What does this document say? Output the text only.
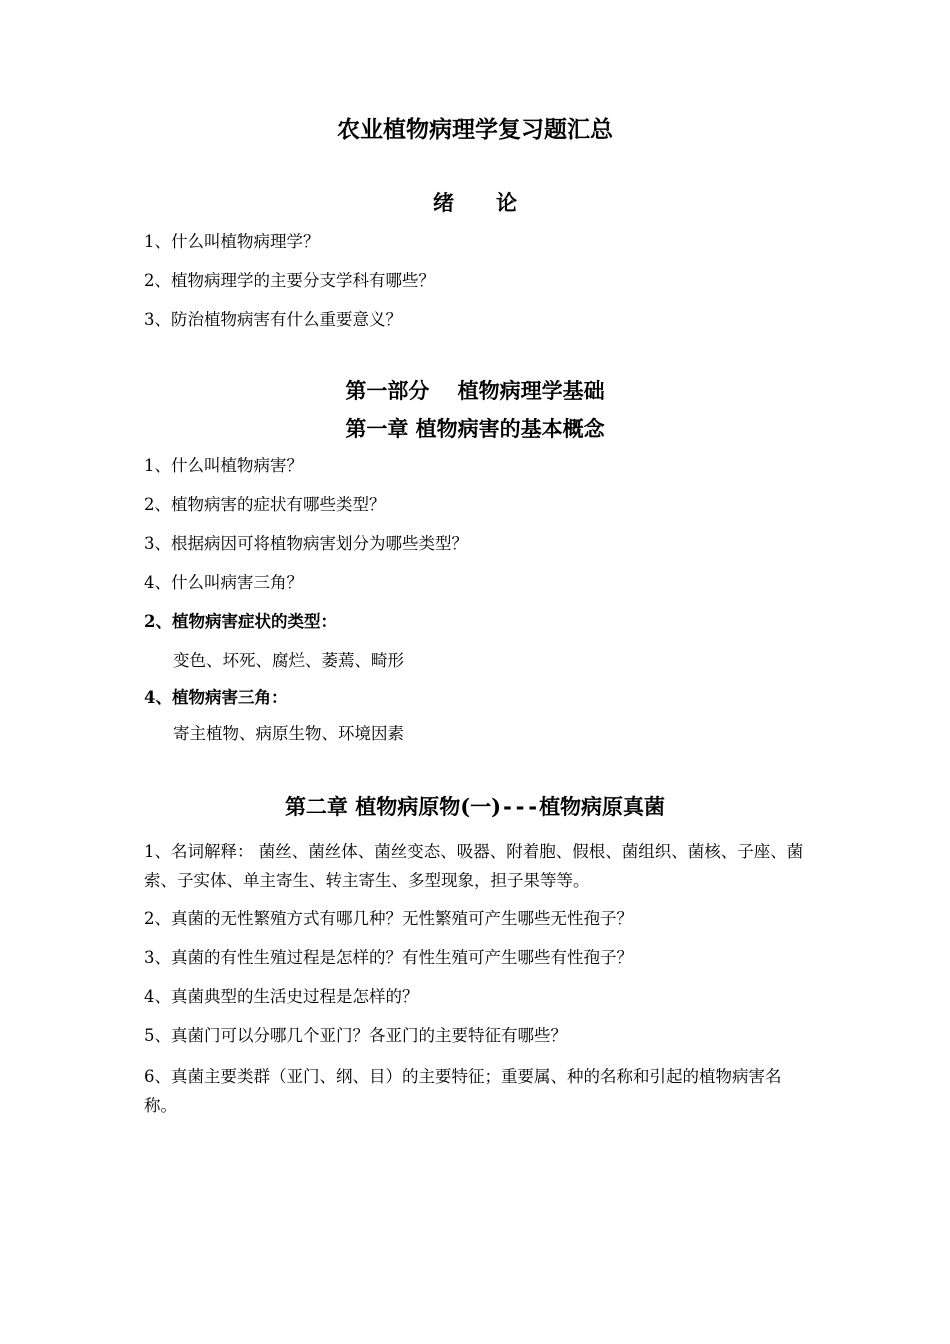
农业植物病理学复习题汇总
绪　　论
1、什么叫植物病理学？
2、植物病理学的主要分支学科有哪些？
3、防治植物病害有什么重要意义？
第一部分　 植物病理学基础
第一章 植物病害的基本概念
1、什么叫植物病害？
2、植物病害的症状有哪些类型？
3、根据病因可将植物病害划分为哪些类型？
4、什么叫病害三角？
2、植物病害症状的类型：
变色、坏死、腐烂、萎蔫、畸形
4、植物病害三角：
寄主植物、病原生物、环境因素
第二章 植物病原物(一)---植物病原真菌
1、名词解释： 菌丝、菌丝体、菌丝变态、吸器、附着胞、假根、菌组织、菌核、子座、菌索、子实体、单主寄生、转主寄生、多型现象，担子果等等。
2、真菌的无性繁殖方式有哪几种？无性繁殖可产生哪些无性孢子？
3、真菌的有性生殖过程是怎样的？有性生殖可产生哪些有性孢子？
4、真菌典型的生活史过程是怎样的？
5、真菌门可以分哪几个亚门？各亚门的主要特征有哪些？
6、真菌主要类群（亚门、纲、目）的主要特征；重要属、种的名称和引起的植物病害名称。
